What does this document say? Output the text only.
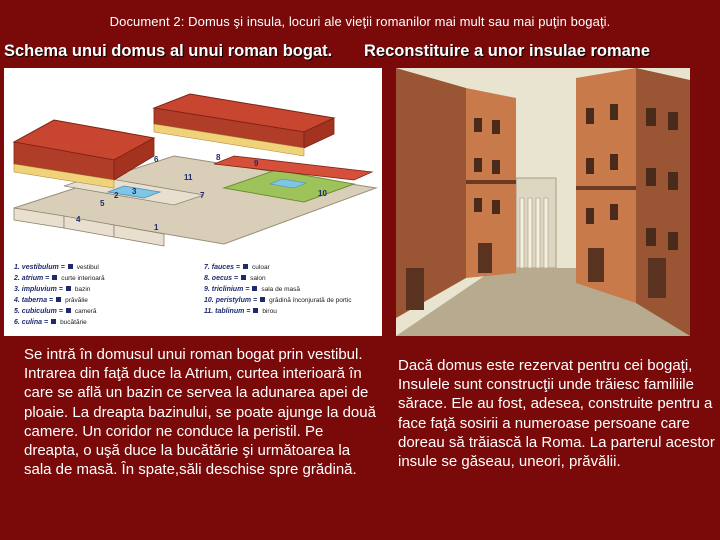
Document 2: Domus şi insula, locuri ale vieţii romanilor mai mult sau mai puţin bogaţi.
Schema unui domus al unui roman bogat. Reconstituire a unor insulae romane
1
2 3
4
5
6
7
8
9
10
11
1. vestibulum = vestibul
2. atrium = curte interioară
3. impluvium = bazin
4. taberna = prăvălie
5. cubiculum = cameră
6. culina = bucătărie
7. fauces = culoar
8. oecus = salon
9. triclinium = sala de masă
10. peristylum = grădină înconjurată de portic
11. tablinum = birou
Se intră în domusul unui roman bogat prin vestibul. Intrarea din faţă duce la Atrium, curtea interioară în care se află un bazin ce servea la adunarea apei de ploaie. La dreapta bazinului, se poate ajunge la două camere. Un coridor ne conduce la peristil. Pe dreapta, o uşă duce la bucătărie şi următoarea la sala de masă. În spate,săli deschise spre grădină.
Dacă domus este rezervat pentru cei bogaţi, Insulele sunt construcţii unde trăiesc familiile sărace. Ele au fost, adesea, construite pentru a face faţă sosirii a numeroase persoane care doreau să trăiască la Roma. La parterul acestor insule se găseau, uneori, prăvălii.
